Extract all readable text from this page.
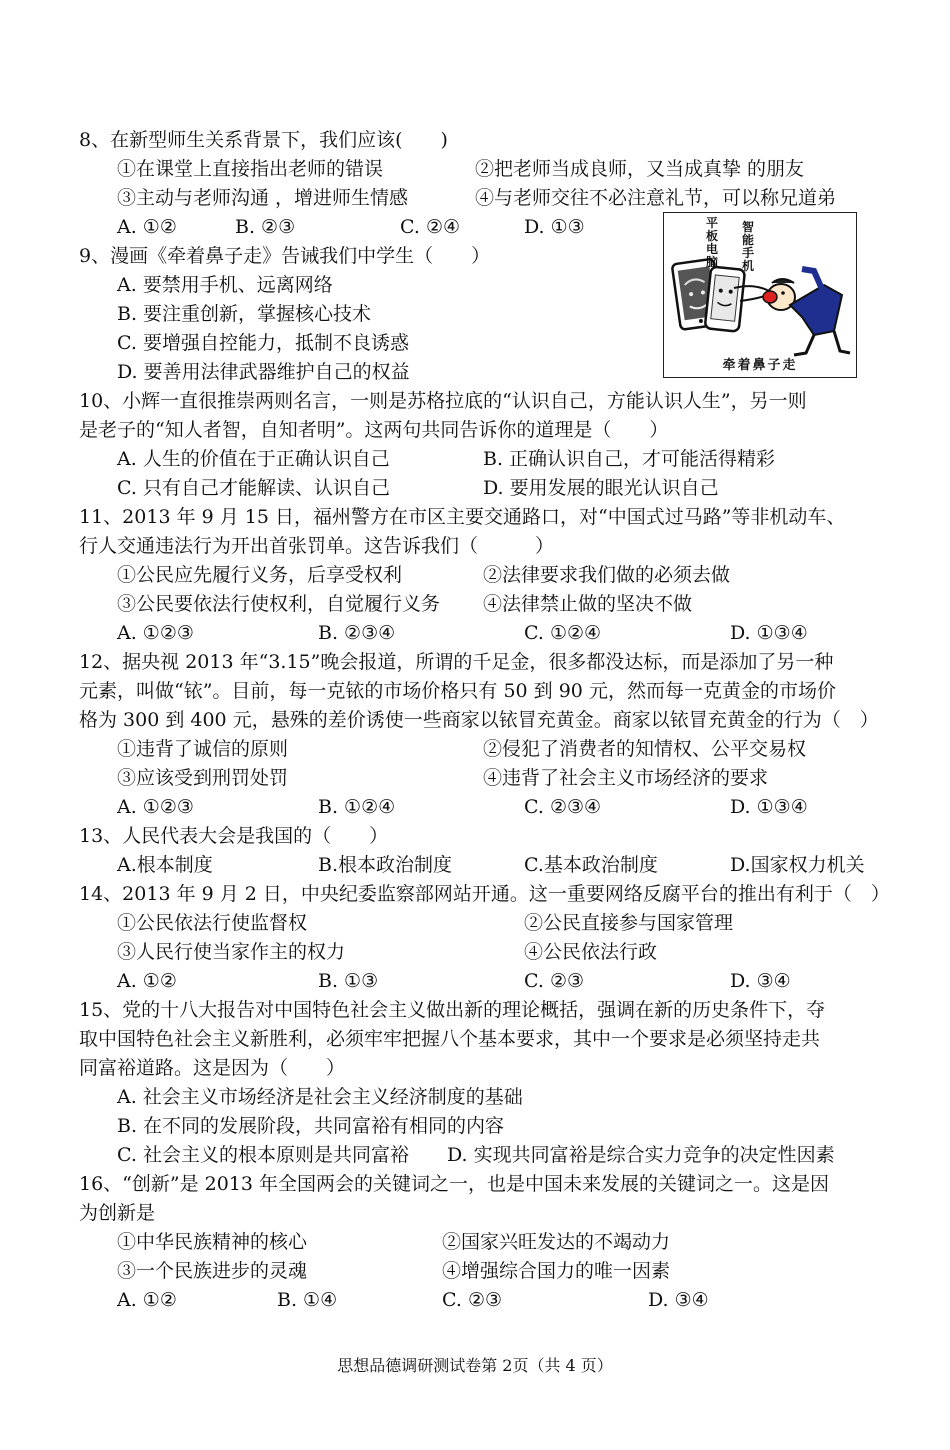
8、在新型师生关系背景下，我们应该(　　)
①在课堂上直接指出老师的错误	②把老师当成良师，又当成真挚 的朋友
③主动与老师沟通 ，增进师生情感	④与老师交往不必注意礼节，可以称兄道弟
A. ①②	B. ②③	C. ②④	D. ①③
9、漫画《牵着鼻子走》告诫我们中学生（　　）
A. 要禁用手机、远离网络
B. 要注重创新，掌握核心技术
C. 要增强自控能力，抵制不良诱惑
D. 要善用法律武器维护自己的权益
平板电脑
智能手机
牵着鼻子走
10、小辉一直很推崇两则名言，一则是苏格拉底的“认识自己，方能认识人生”，另一则
是老子的“知人者智，自知者明”。这两句共同告诉你的道理是（　　）
A. 人生的价值在于正确认识自己	B. 正确认识自己，才可能活得精彩
C. 只有自己才能解读、认识自己	D. 要用发展的眼光认识自己
11、2013 年 9 月 15 日，福州警方在市区主要交通路口，对“中国式过马路”等非机动车、
行人交通违法行为开出首张罚单。这告诉我们（　　　）
①公民应先履行义务，后享受权利	②法律要求我们做的必须去做
③公民要依法行使权利，自觉履行义务 ④法律禁止做的坚决不做
A. ①②③	B. ②③④	C. ①②④	D. ①③④
12、据央视 2013 年“3.15”晚会报道，所谓的千足金，很多都没达标，而是添加了另一种
元素，叫做“铱”。目前，每一克铱的市场价格只有 50 到 90 元，然而每一克黄金的市场价
格为 300 到 400 元，悬殊的差价诱使一些商家以铱冒充黄金。商家以铱冒充黄金的行为（　）
①违背了诚信的原则	②侵犯了消费者的知情权、公平交易权
③应该受到刑罚处罚	④违背了社会主义市场经济的要求
A. ①②③	B. ①②④	C. ②③④	D. ①③④
13、人民代表大会是我国的（　　）
A.根本制度	B.根本政治制度	C.基本政治制度	D.国家权力机关
14、2013 年 9 月 2 日，中央纪委监察部网站开通。这一重要网络反腐平台的推出有利于（　）
①公民依法行使监督权	②公民直接参与国家管理
③人民行使当家作主的权力	④公民依法行政
A. ①②	B. ①③	C. ②③	D. ③④
15、党的十八大报告对中国特色社会主义做出新的理论概括，强调在新的历史条件下，夺
取中国特色社会主义新胜利，必须牢牢把握八个基本要求，其中一个要求是必须坚持走共
同富裕道路。这是因为（　　）
A. 社会主义市场经济是社会主义经济制度的基础
B. 在不同的发展阶段，共同富裕有相同的内容
C. 社会主义的根本原则是共同富裕　　D. 实现共同富裕是综合实力竞争的决定性因素
16、“创新”是 2013 年全国两会的关键词之一，也是中国未来发展的关键词之一。这是因
为创新是
①中华民族精神的核心	②国家兴旺发达的不竭动力
③一个民族进步的灵魂	④增强综合国力的唯一因素
A. ①②	B. ①④	C. ②③	D. ③④
思想品德调研测试卷第 2页（共 4 页）
